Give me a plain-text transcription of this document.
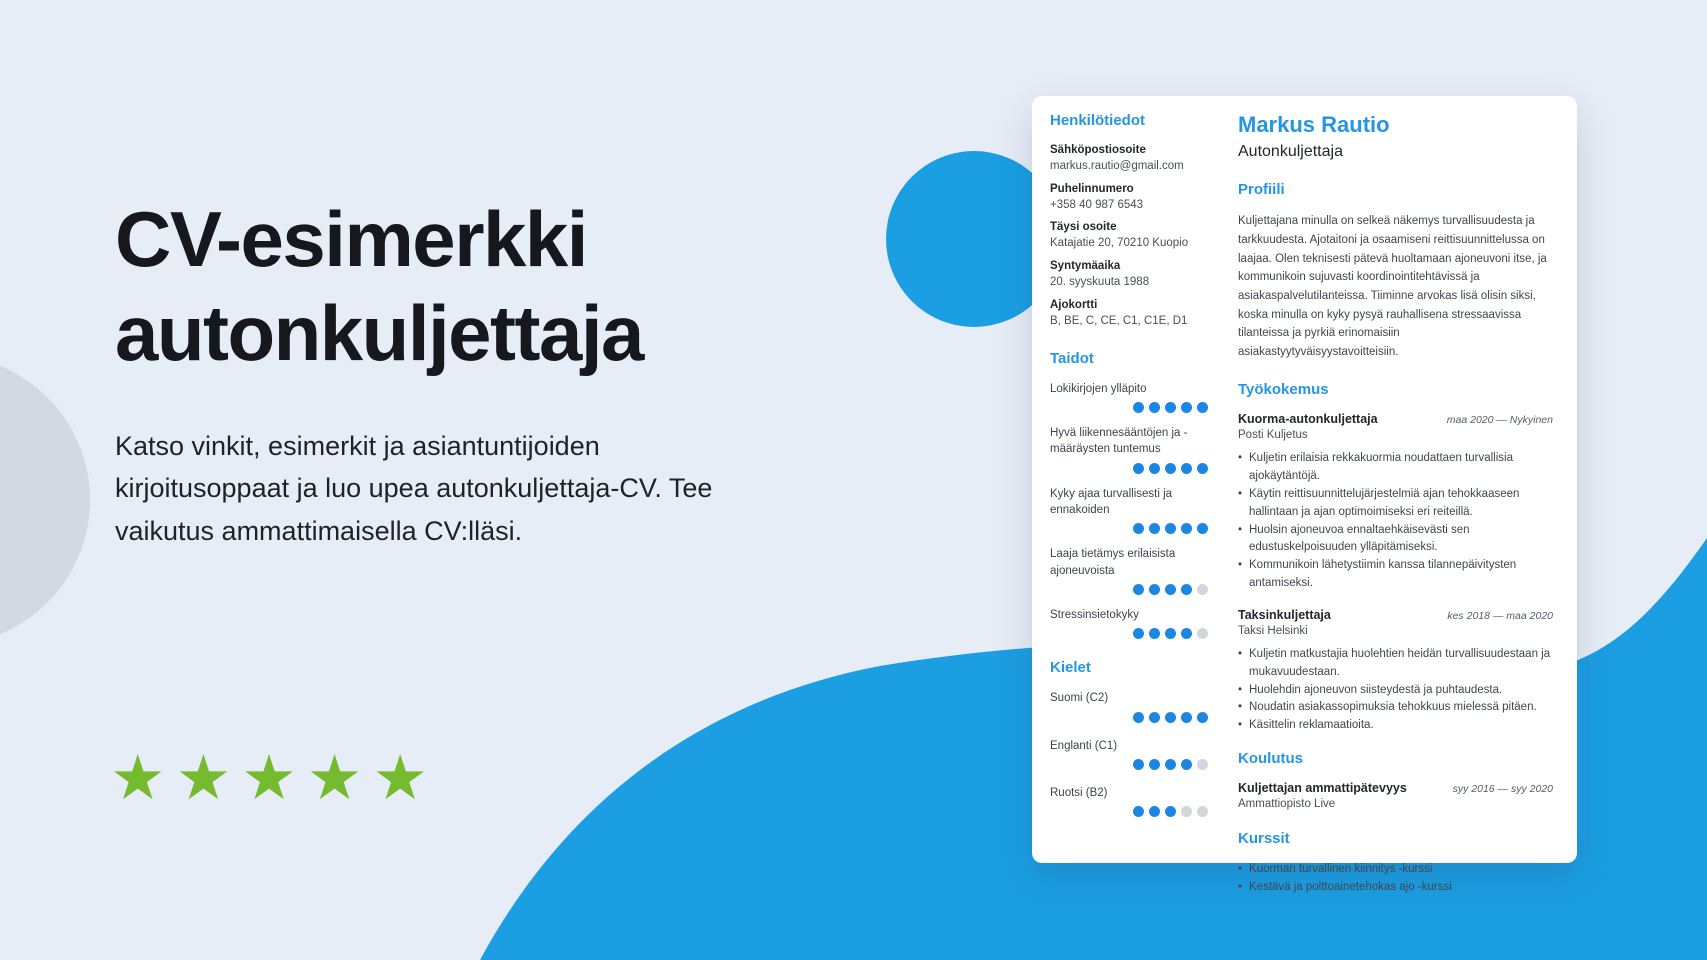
CV-esimerkki
autonkuljettaja
Katso vinkit, esimerkit ja asiantuntijoiden
kirjoitusoppaat ja luo upea autonkuljettaja-CV. Tee
vaikutus ammattimaisella CV:lläsi.
★ ★ ★ ★ ★
Henkilötiedot
Sähköpostiosoite
markus.rautio@gmail.com
Puhelinnumero
+358 40 987 6543
Täysi osoite
Katajatie 20, 70210 Kuopio
Syntymäaika
20. syyskuuta 1988
Ajokortti
B, BE, C, CE, C1, C1E, D1
Taidot
Lokikirjojen ylläpito
Hyvä liikennesääntöjen ja -määräysten tuntemus
Kyky ajaa turvallisesti ja ennakoiden
Laaja tietämys erilaisista ajoneuvoista
Stressinsietokyky
Kielet
Suomi (C2)
Englanti (C1)
Ruotsi (B2)
Markus Rautio
Autonkuljettaja
Profiili
Kuljettajana minulla on selkeä näkemys turvallisuudesta ja tarkkuudesta. Ajotaitoni ja osaamiseni reittisuunnittelussa on laajaa. Olen teknisesti pätevä huoltamaan ajoneuvoni itse, ja kommunikoin sujuvasti koordinointitehtävissä ja asiakaspalvelutilanteissa. Tiiminne arvokas lisä olisin siksi, koska minulla on kyky pysyä rauhallisena stressaavissa tilanteissa ja pyrkiä erinomaisiin asiakastyytyväisyystavoitteisiin.
Työkokemus
Kuorma-autonkuljettaja	maa 2020 — Nykyinen
Posti Kuljetus
• Kuljetin erilaisia rekkakuormia noudattaen turvallisia ajokäytäntöjä.
• Käytin reittisuunnittelujärjestelmiä ajan tehokkaaseen hallintaan ja ajan optimoimiseksi eri reiteillä.
• Huolsin ajoneuvoa ennaltaehkäisevästi sen edustuskelpoisuuden ylläpitämiseksi.
• Kommunikoin lähetystiimin kanssa tilannepäivitysten antamiseksi.
Taksinkuljettaja	kes 2018 — maa 2020
Taksi Helsinki
• Kuljetin matkustajia huolehtien heidän turvallisuudestaan ja mukavuudestaan.
• Huolehdin ajoneuvon siisteydestä ja puhtaudesta.
• Noudatin asiakassopimuksia tehokkuus mielessä pitäen.
• Käsittelin reklamaatioita.
Koulutus
Kuljettajan ammattipätevyys	syy 2016 — syy 2020
Ammattiopisto Live
Kurssit
• Kuorman turvallinen kiinnitys -kurssi
• Kestävä ja polttoainetehokas ajo -kurssi
